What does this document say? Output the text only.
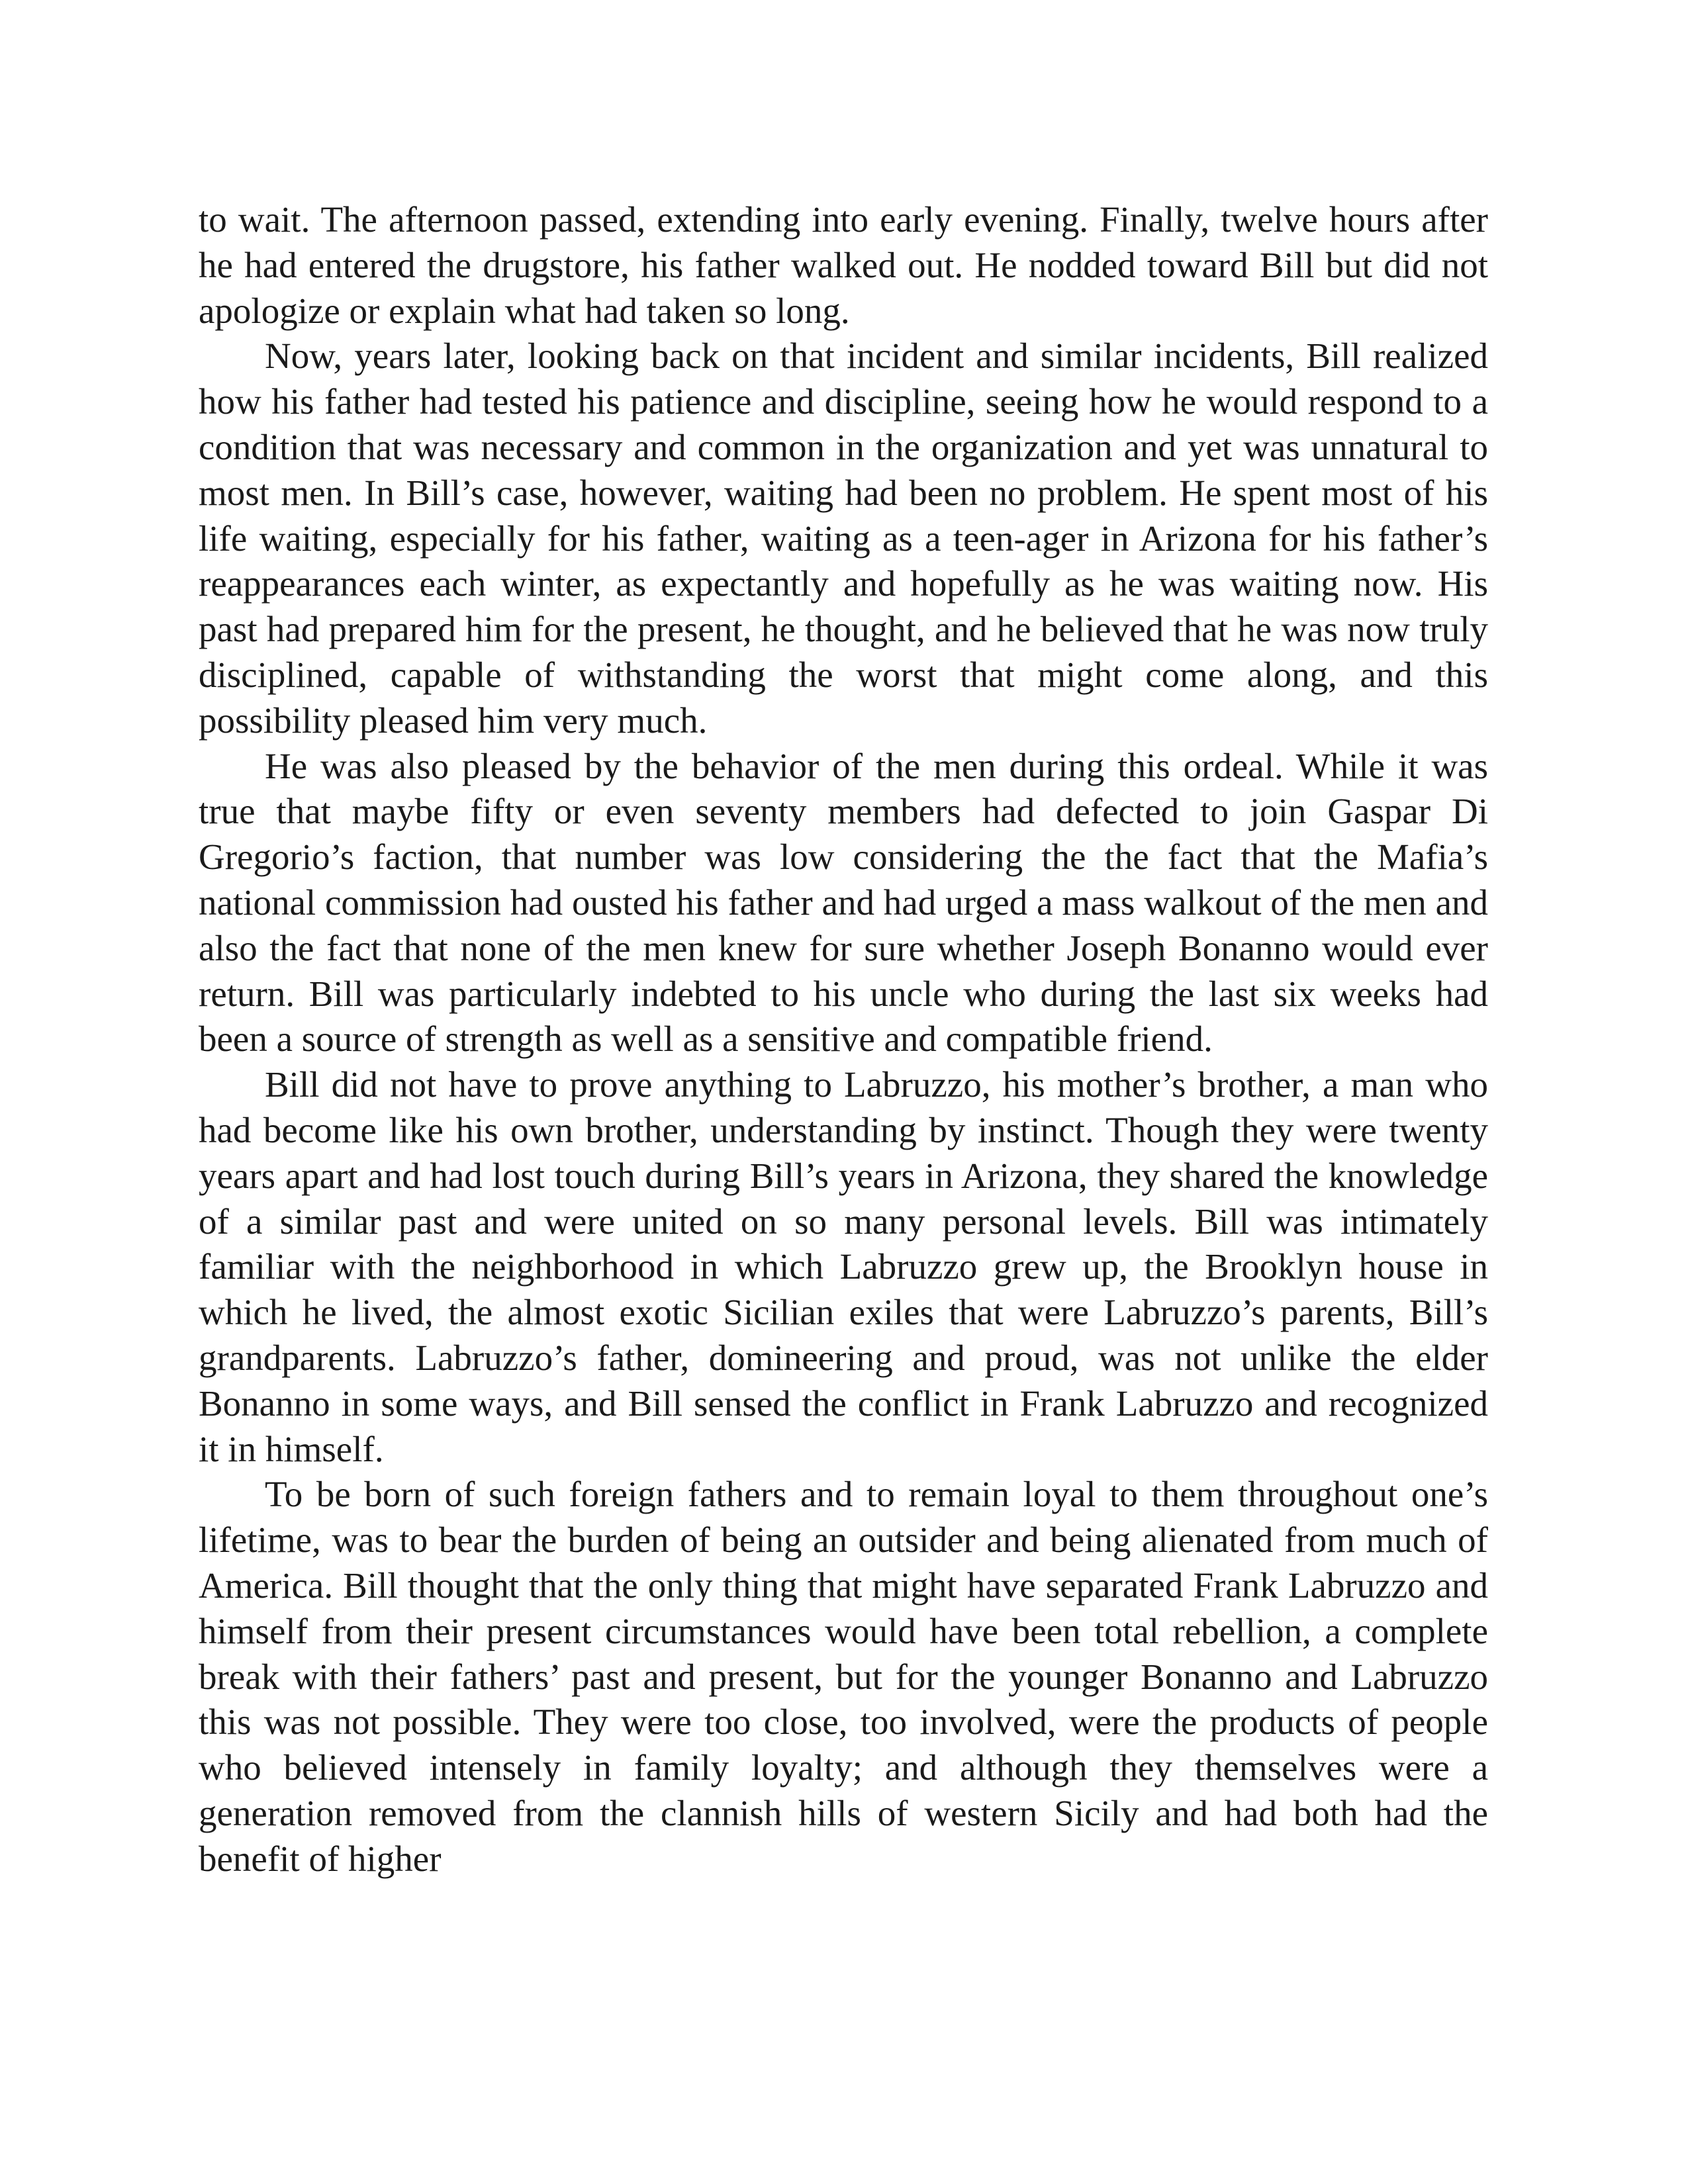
to wait. The afternoon passed, extending into early evening. Finally, twelve hours after he had entered the drugstore, his father walked out. He nodded toward Bill but did not apologize or explain what had taken so long.

Now, years later, looking back on that incident and similar incidents, Bill realized how his father had tested his patience and discipline, seeing how he would respond to a condition that was necessary and common in the organization and yet was unnatural to most men. In Bill’s case, however, waiting had been no problem. He spent most of his life waiting, especially for his father, waiting as a teen-ager in Arizona for his father’s reappearances each winter, as expectantly and hopefully as he was waiting now. His past had prepared him for the present, he thought, and he believed that he was now truly disciplined, capable of withstanding the worst that might come along, and this possibility pleased him very much.

He was also pleased by the behavior of the men during this ordeal. While it was true that maybe fifty or even seventy members had defected to join Gaspar Di Gregorio’s faction, that number was low considering the the fact that the Mafia’s national commission had ousted his father and had urged a mass walkout of the men and also the fact that none of the men knew for sure whether Joseph Bonanno would ever return. Bill was particularly indebted to his uncle who during the last six weeks had been a source of strength as well as a sensitive and compatible friend.

Bill did not have to prove anything to Labruzzo, his mother’s brother, a man who had become like his own brother, understanding by instinct. Though they were twenty years apart and had lost touch during Bill’s years in Arizona, they shared the knowledge of a similar past and were united on so many personal levels. Bill was intimately familiar with the neighborhood in which Labruzzo grew up, the Brooklyn house in which he lived, the almost exotic Sicilian exiles that were Labruzzo’s parents, Bill’s grandparents. Labruzzo’s father, domineering and proud, was not unlike the elder Bonanno in some ways, and Bill sensed the conflict in Frank Labruzzo and recognized it in himself.

To be born of such foreign fathers and to remain loyal to them throughout one’s lifetime, was to bear the burden of being an outsider and being alienated from much of America. Bill thought that the only thing that might have separated Frank Labruzzo and himself from their present circumstances would have been total rebellion, a complete break with their fathers’ past and present, but for the younger Bonanno and Labruzzo this was not possible. They were too close, too involved, were the products of people who believed intensely in family loyalty; and although they themselves were a generation removed from the clannish hills of western Sicily and had both had the benefit of higher
